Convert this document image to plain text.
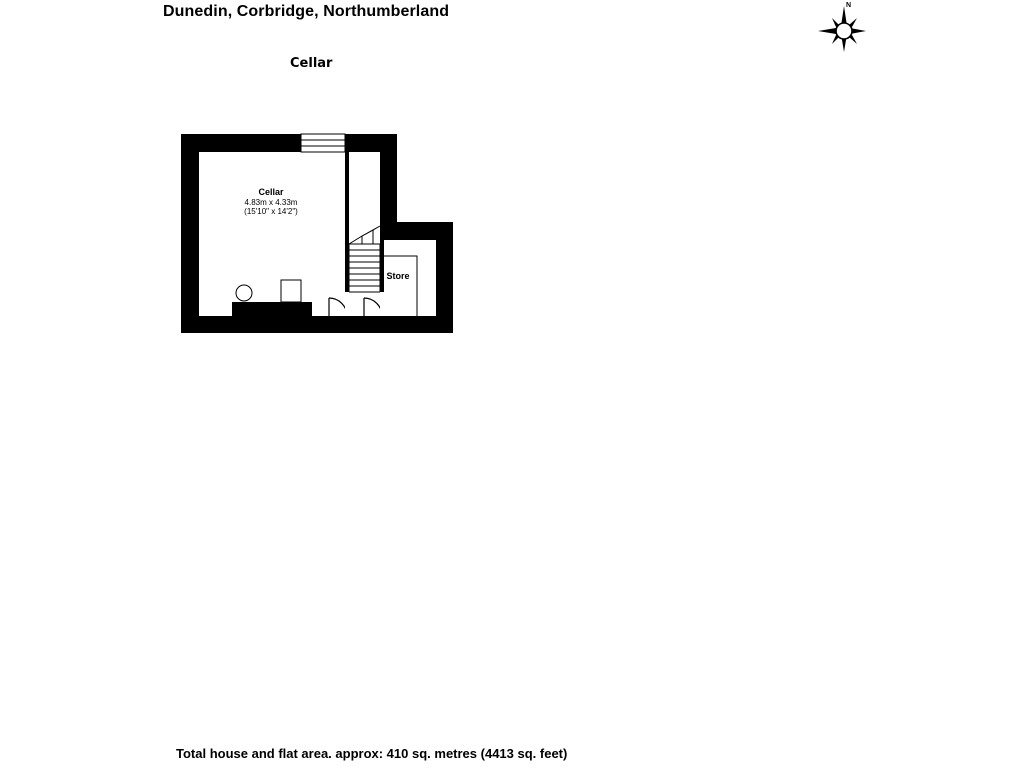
Dunedin, Corbridge, Northumberland
Cellar
N
Cellar
4.83m x 4.33m
(15'10" x 14'2")
Store
Total house and flat area. approx: 410 sq. metres (4413 sq. feet)
